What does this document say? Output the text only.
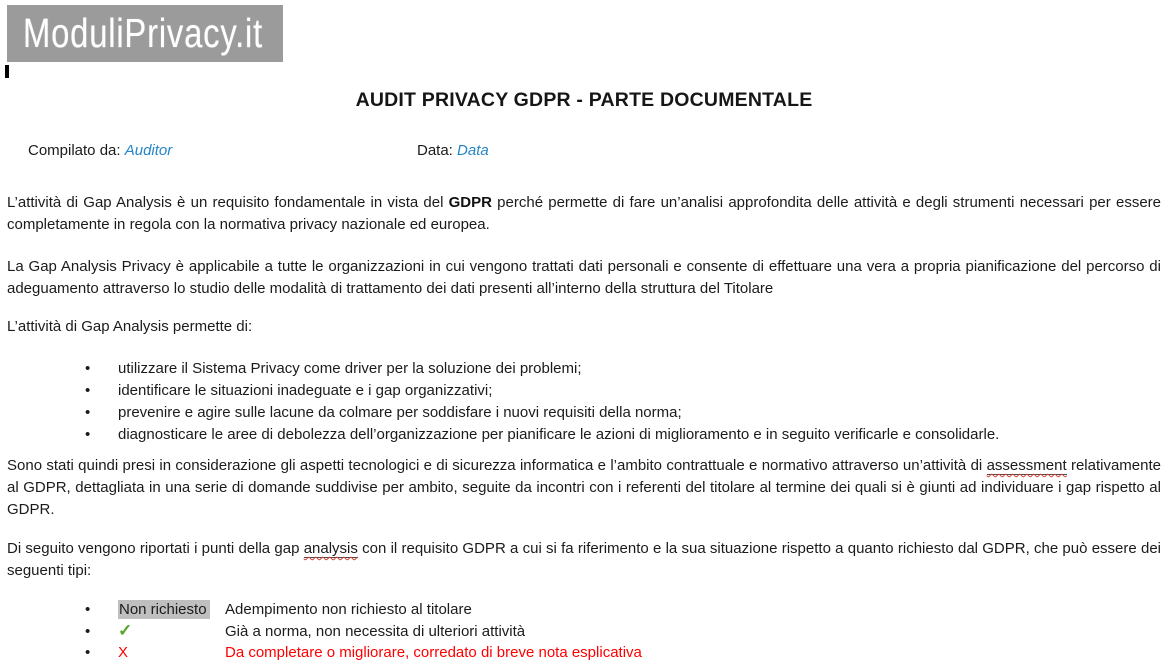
ModuliPrivacy.it
AUDIT PRIVACY GDPR - PARTE DOCUMENTALE
Compilato da: Auditor	Data: Data

L’attività di Gap Analysis è un requisito fondamentale in vista del GDPR perché permette di fare un’analisi approfondita delle attività e degli strumenti necessari per essere completamente in regola con la normativa privacy nazionale ed europea.

La Gap Analysis Privacy è applicabile a tutte le organizzazioni in cui vengono trattati dati personali e consente di effettuare una vera a propria pianificazione del percorso di adeguamento attraverso lo studio delle modalità di trattamento dei dati presenti all’interno della struttura del Titolare

L’attività di Gap Analysis permette di:

• utilizzare il Sistema Privacy come driver per la soluzione dei problemi;
• identificare le situazioni inadeguate e i gap organizzativi;
• prevenire e agire sulle lacune da colmare per soddisfare i nuovi requisiti della norma;
• diagnosticare le aree di debolezza dell’organizzazione per pianificare le azioni di miglioramento e in seguito verificarle e consolidarle.

Sono stati quindi presi in considerazione gli aspetti tecnologici e di sicurezza informatica e l’ambito contrattuale e normativo attraverso un’attività di assessment relativamente al GDPR, dettagliata in una serie di domande suddivise per ambito, seguite da incontri con i referenti del titolare al termine dei quali si è giunti ad individuare i gap rispetto al GDPR.

Di seguito vengono riportati i punti della gap analysis con il requisito GDPR a cui si fa riferimento e la sua situazione rispetto a quanto richiesto dal GDPR, che può essere dei seguenti tipi:

•	Non richiesto	Adempimento non richiesto al titolare
•	✓	Già a norma, non necessita di ulteriori attività
•	X	Da completare o migliorare, corredato di breve nota esplicativa
